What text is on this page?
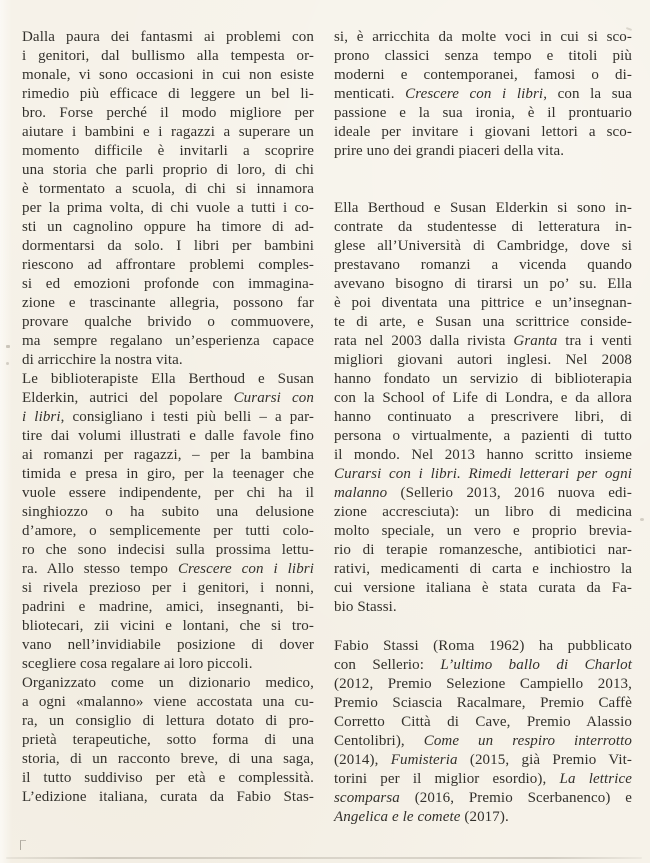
Dalla paura dei fantasmi ai problemi con
i genitori, dal bullismo alla tempesta or-
monale, vi sono occasioni in cui non esiste
rimedio più efficace di leggere un bel li-
bro. Forse perché il modo migliore per
aiutare i bambini e i ragazzi a superare un
momento difficile è invitarli a scoprire
una storia che parli proprio di loro, di chi
è tormentato a scuola, di chi si innamora
per la prima volta, di chi vuole a tutti i co-
sti un cagnolino oppure ha timore di ad-
dormentarsi da solo. I libri per bambini
riescono ad affrontare problemi comples-
si ed emozioni profonde con immagina-
zione e trascinante allegria, possono far
provare qualche brivido o commuovere,
ma sempre regalano un’esperienza capace
di arricchire la nostra vita.
Le biblioterapiste Ella Berthoud e Susan
Elderkin, autrici del popolare Curarsi con
i libri, consigliano i testi più belli – a par-
tire dai volumi illustrati e dalle favole fino
ai romanzi per ragazzi, – per la bambina
timida e presa in giro, per la teenager che
vuole essere indipendente, per chi ha il
singhiozzo o ha subito una delusione
d’amore, o semplicemente per tutti colo-
ro che sono indecisi sulla prossima lettu-
ra. Allo stesso tempo Crescere con i libri
si rivela prezioso per i genitori, i nonni,
padrini e madrine, amici, insegnanti, bi-
bliotecari, zii vicini e lontani, che si tro-
vano nell’invidiabile posizione di dover
scegliere cosa regalare ai loro piccoli.
Organizzato come un dizionario medico,
a ogni «malanno» viene accostata una cu-
ra, un consiglio di lettura dotato di pro-
prietà terapeutiche, sotto forma di una
storia, di un racconto breve, di una saga,
il tutto suddiviso per età e complessità.
L’edizione italiana, curata da Fabio Stas-
si, è arricchita da molte voci in cui si sco-
prono classici senza tempo e titoli più
moderni e contemporanei, famosi o di-
menticati. Crescere con i libri, con la sua
passione e la sua ironia, è il prontuario
ideale per invitare i giovani lettori a sco-
prire uno dei grandi piaceri della vita.
Ella Berthoud e Susan Elderkin si sono in-
contrate da studentesse di letteratura in-
glese all’Università di Cambridge, dove si
prestavano romanzi a vicenda quando
avevano bisogno di tirarsi un po’ su. Ella
è poi diventata una pittrice e un’insegnan-
te di arte, e Susan una scrittrice conside-
rata nel 2003 dalla rivista Granta tra i venti
migliori giovani autori inglesi. Nel 2008
hanno fondato un servizio di biblioterapia
con la School of Life di Londra, e da allora
hanno continuato a prescrivere libri, di
persona o virtualmente, a pazienti di tutto
il mondo. Nel 2013 hanno scritto insieme
Curarsi con i libri. Rimedi letterari per ogni
malanno (Sellerio 2013, 2016 nuova edi-
zione accresciuta): un libro di medicina
molto speciale, un vero e proprio brevia-
rio di terapie romanzesche, antibiotici nar-
rativi, medicamenti di carta e inchiostro la
cui versione italiana è stata curata da Fa-
bio Stassi.
Fabio Stassi (Roma 1962) ha pubblicato
con Sellerio: L’ultimo ballo di Charlot
(2012, Premio Selezione Campiello 2013,
Premio Sciascia Racalmare, Premio Caffè
Corretto Città di Cave, Premio Alassio
Centolibri), Come un respiro interrotto
(2014), Fumisteria (2015, già Premio Vit-
torini per il miglior esordio), La lettrice
scomparsa (2016, Premio Scerbanenco) e
Angelica e le comete (2017).
